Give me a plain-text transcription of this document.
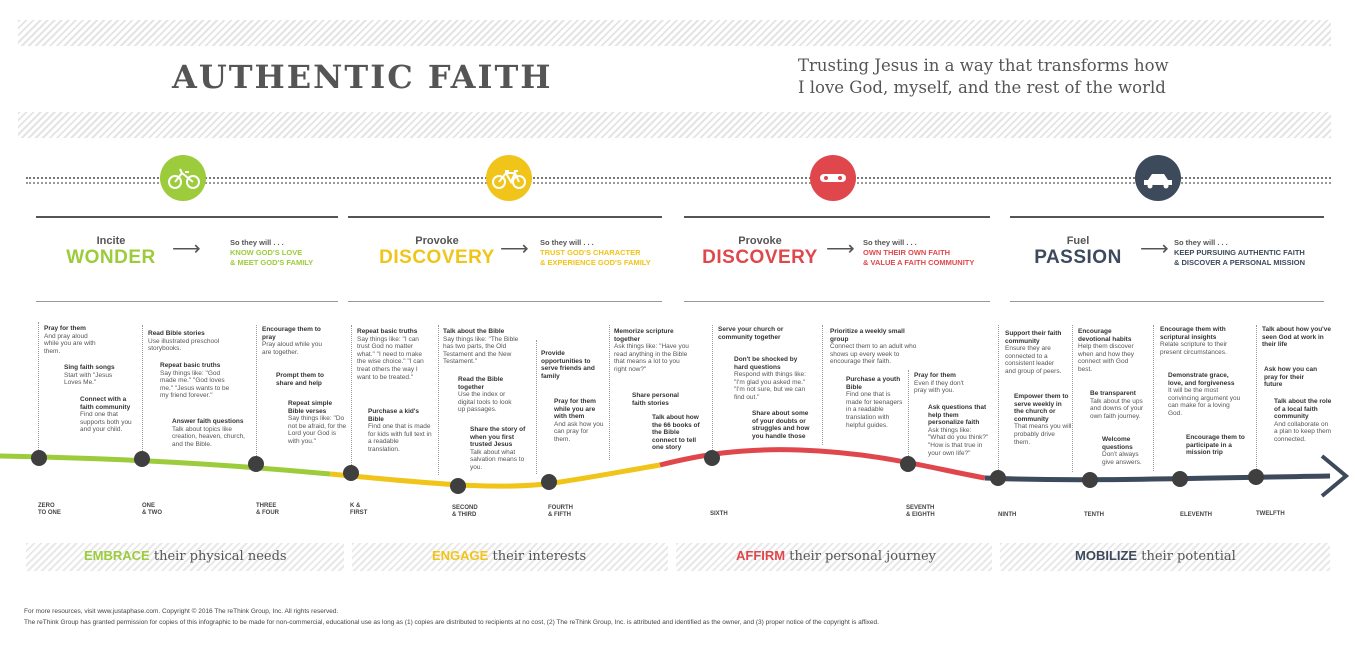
AUTHENTIC FAITH	Trusting Jesus in a way that transforms how
I love God, myself, and the rest of the world
Incite
WONDER ⟶	So they will . . .
KNOW GOD'S LOVE
& MEET GOD'S FAMILY
Provoke
DISCOVERY ⟶ So they will . . .
TRUST GOD'S CHARACTER
& EXPERIENCE GOD'S FAMILY
Provoke
DISCOVERY ⟶ So they will . . .
OWN THEIR OWN FAITH
& VALUE A FAITH COMMUNITY
Fuel
PASSION ⟶ So they will . . .
KEEP PURSUING AUTHENTIC FAITH
& DISCOVER A PERSONAL MISSION
Pray for them
And pray aloud while you are with them.
Sing faith songs
Start with "Jesus Loves Me."
Connect with a faith community
Find one that supports both you and your child.
Read Bible stories
Use illustrated preschool storybooks.
Repeat basic truths
Say things like: "God made me." "God loves me." "Jesus wants to be my friend forever."
Answer faith questions
Talk about topics like creation, heaven, church, and the Bible.
Encourage them to pray
Pray aloud while you are together.
Prompt them to share and help
Repeat simple Bible verses
Say things like: "Do not be afraid, for the Lord your God is with you."
Repeat basic truths
Say things like: "I can trust God no matter what." "I need to make the wise choice." "I can treat others the way I want to be treated."
Purchase a kid's Bible
Find one that is made for kids with full text in a readable translation.
Talk about the Bible
Say things like: "The Bible has two parts, the Old Testament and the New Testament."
Read the Bible together
Use the index or digital tools to look up passages.
Share the story of when you first trusted Jesus
Talk about what salvation means to you.
Provide opportunities to serve friends and family
Pray for them while you are with them
And ask how you can pray for them.
Memorize scripture together
Ask things like: "Have you read anything in the Bible that means a lot to you right now?"
Share personal faith stories
Talk about how the 66 books of the Bible connect to tell one story
Serve your church or community together
Don't be shocked by hard questions
Respond with things like: "I'm glad you asked me." "I'm not sure, but we can find out."
Share about some of your doubts or struggles and how you handle those
Prioritize a weekly small group
Connect them to an adult who shows up every week to encourage their faith.
Purchase a youth Bible
Find one that is made for teenagers in a readable translation with helpful guides.
Pray for them
Even if they don't pray with you.
Ask questions that help them personalize faith
Ask things like: "What do you think?" "How is that true in your own life?"
Support their faith community
Ensure they are connected to a consistent leader and group of peers.
Empower them to serve weekly in the church or community
That means you will probably drive them.
Encourage devotional habits
Help them discover when and how they connect with God best.
Be transparent
Talk about the ups and downs of your own faith journey.
Welcome questions
Don't always give answers.
Encourage them with scriptural insights
Relate scripture to their present circumstances.
Demonstrate grace, love, and forgiveness
It will be the most convincing argument you can make for a loving God.
Encourage them to participate in a mission trip
Talk about how you've seen God at work in their life
Ask how you can pray for their future
Talk about the role of a local faith community
And collaborate on a plan to keep them connected.
ZERO
TO ONE
ONE
& TWO
THREE
& FOUR
K &
FIRST
SECOND
& THIRD
FOURTH
& FIFTH	SIXTH
SEVENTH
& EIGHTH	NINTH	TENTH	ELEVENTH	TWELFTH
EMBRACE their physical needs	ENGAGE their interests	AFFIRM their personal journey	MOBILIZE their potential
For more resources, visit www.justaphase.com. Copyright © 2016 The reThink Group, Inc. All rights reserved.
The reThink Group has granted permission for copies of this infographic to be made for non-commercial, educational use as long as (1) copies are distributed to recipients at no cost, (2) The reThink Group, Inc. is attributed and identified as the owner, and (3) proper notice of the copyright is affixed.
